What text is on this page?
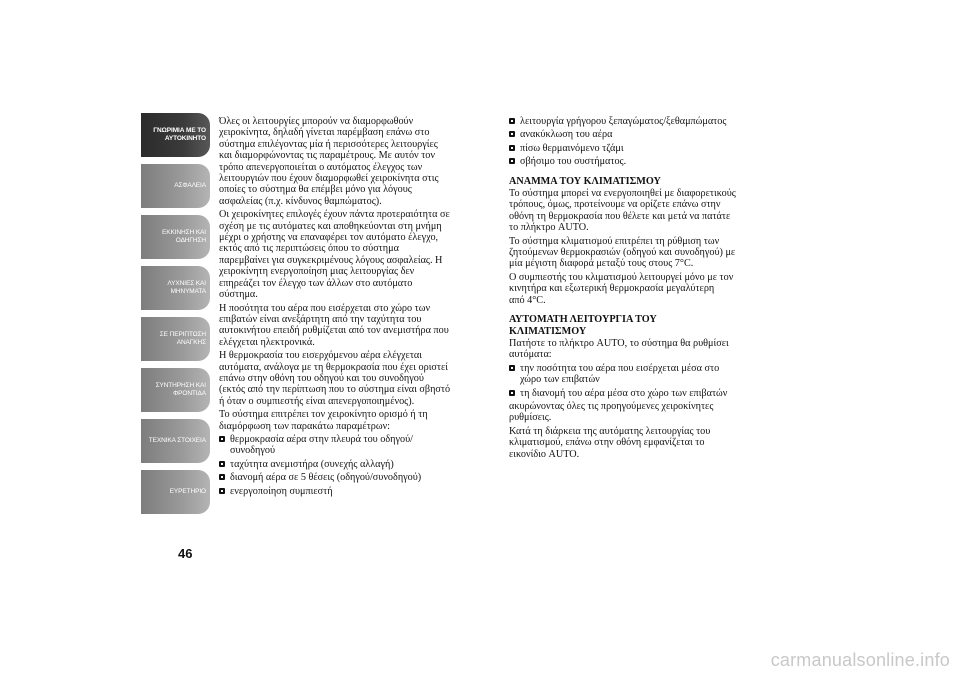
ΓΝΩΡΙΜΙΑ ΜΕ ΤΟ
ΑΥΤΟΚΙΝΗΤΟ
ΑΣΦΑΛΕΙΑ
ΕΚΚΙΝΗΣΗ ΚΑΙ
ΟΔΗΓΗΣΗ
ΛΥΧΝΙΕΣ ΚΑΙ
ΜΗΝΥΜΑΤΑ
ΣΕ ΠΕΡΙΠΤΩΣΗ
ΑΝΑΓΚΗΣ
ΣΥΝΤΗΡΗΣΗ ΚΑΙ
ΦΡΟΝΤΙΔΑ
ΤΕΧΝΙΚΑ ΣΤΟΙΧΕΙΑ
ΕΥΡΕΤΗΡΙΟ
46

Όλες οι λειτουργίες μπορούν να διαμορφωθούν
χειροκίνητα, δηλαδή γίνεται παρέμβαση επάνω στο
σύστημα επιλέγοντας μία ή περισσότερες λειτουργίες
και διαμορφώνοντας τις παραμέτρους. Με αυτόν τον
τρόπο απενεργοποιείται ο αυτόματος έλεγχος των
λειτουργιών που έχουν διαμορφωθεί χειροκίνητα στις
οποίες το σύστημα θα επέμβει μόνο για λόγους
ασφαλείας (π.χ. κίνδυνος θαμπώματος).

Οι χειροκίνητες επιλογές έχουν πάντα προτεραιότητα σε
σχέση με τις αυτόματες και αποθηκεύονται στη μνήμη
μέχρι ο χρήστης να επαναφέρει τον αυτόματο έλεγχο,
εκτός από τις περιπτώσεις όπου το σύστημα
παρεμβαίνει για συγκεκριμένους λόγους ασφαλείας. Η
χειροκίνητη ενεργοποίηση μιας λειτουργίας δεν
επηρεάζει τον έλεγχο των άλλων στο αυτόματο
σύστημα.

Η ποσότητα του αέρα που εισέρχεται στο χώρο των
επιβατών είναι ανεξάρτητη από την ταχύτητα του
αυτοκινήτου επειδή ρυθμίζεται από τον ανεμιστήρα που
ελέγχεται ηλεκτρονικά.

Η θερμοκρασία του εισερχόμενου αέρα ελέγχεται
αυτόματα, ανάλογα με τη θερμοκρασία που έχει οριστεί
επάνω στην οθόνη του οδηγού και του συνοδηγού
(εκτός από την περίπτωση που το σύστημα είναι σβηστό
ή όταν ο συμπιεστής είναι απενεργοποιημένος).

Το σύστημα επιτρέπει τον χειροκίνητο ορισμό ή τη
διαμόρφωση των παρακάτω παραμέτρων:

θερμοκρασία αέρα στην πλευρά του οδηγού/
συνοδηγού
ταχύτητα ανεμιστήρα (συνεχής αλλαγή)
διανομή αέρα σε 5 θέσεις (οδηγού/συνοδηγού)
ενεργοποίηση συμπιεστή
λειτουργία γρήγορου ξεπαγώματος/ξεθαμπώματος
ανακύκλωση του αέρα
πίσω θερμαινόμενο τζάμι
σβήσιμο του συστήματος.
ΑΝΑΜΜΑ ΤΟΥ ΚΛΙΜΑΤΙΣΜΟΥ

Το σύστημα μπορεί να ενεργοποιηθεί με διαφορετικούς
τρόπους, όμως, προτείνουμε να ορίζετε επάνω στην
οθόνη τη θερμοκρασία που θέλετε και μετά να πατάτε
το πλήκτρο AUTO.

Το σύστημα κλιματισμού επιτρέπει τη ρύθμιση των
ζητούμενων θερμοκρασιών (οδηγού και συνοδηγού) με
μία μέγιστη διαφορά μεταξύ τους στους 7°C.

Ο συμπιεστής του κλιματισμού λειτουργεί μόνο με τον
κινητήρα και εξωτερική θερμοκρασία μεγαλύτερη
από 4°C.

ΑΥΤΟΜΑΤΗ ΛΕΙΤΟΥΡΓΙΑ ΤΟΥ
ΚΛΙΜΑΤΙΣΜΟΥ

Πατήστε το πλήκτρο AUTO, το σύστημα θα ρυθμίσει
αυτόματα:

την ποσότητα του αέρα που εισέρχεται μέσα στο
χώρο των επιβατών
τη διανομή του αέρα μέσα στο χώρο των επιβατών

ακυρώνοντας όλες τις προηγούμενες χειροκίνητες
ρυθμίσεις.

Κατά τη διάρκεια της αυτόματης λειτουργίας του
κλιματισμού, επάνω στην οθόνη εμφανίζεται το
εικονίδιο AUTO.

carmanualsonline.info
